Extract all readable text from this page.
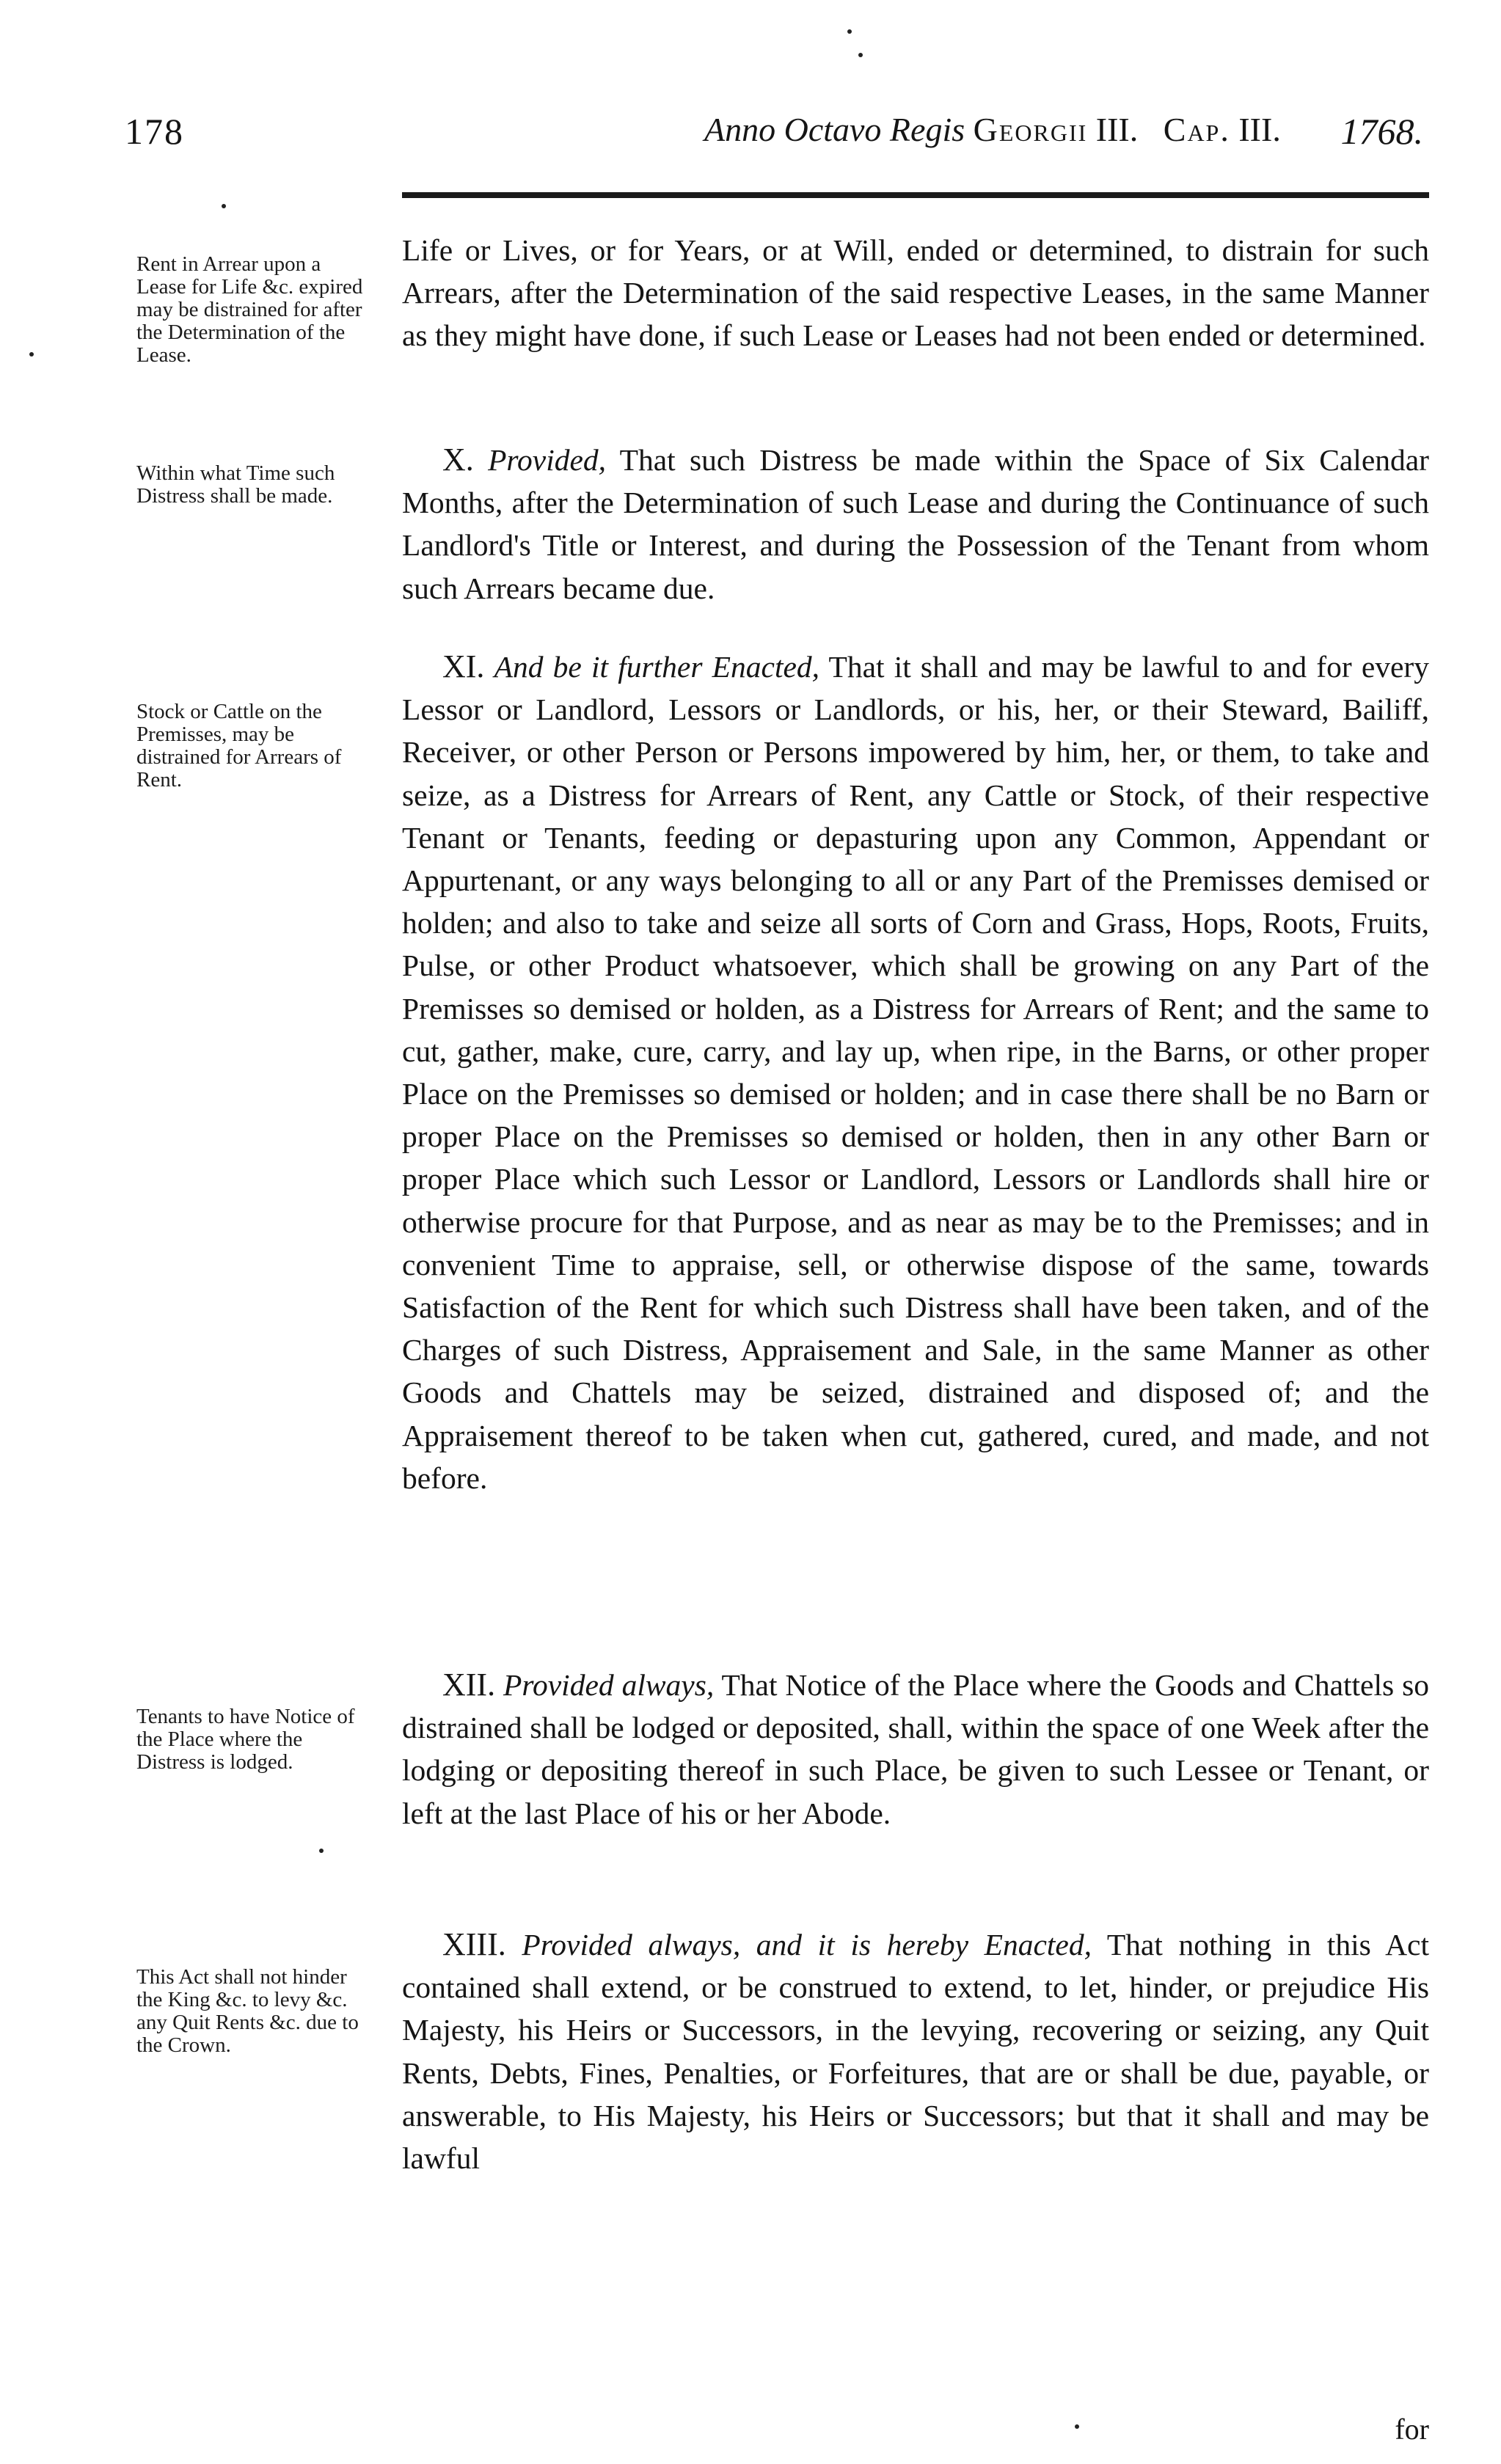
178	Anno Octavo Regis Georgii III. Cap. III. 1768.
Rent in Arrear upon a Lease for Life &c. expired may be distrained for after the Determination of the Lease.
Within what Time such Distress shall be made.
Stock or Cattle on the Premisses, may be distrained for Arrears of Rent.
Tenants to have Notice of the Place where the Distress is lodged.
This Act shall not hinder the King &c. to levy &c. any Quit Rents &c. due to the Crown.
Life or Lives, or for Years, or at Will, ended or determined, to distrain for such Arrears, after the Determination of the said respective Leases, in the same Manner as they might have done, if such Lease or Leases had not been ended or determined.
X. Provided, That such Distress be made within the Space of Six Calendar Months, after the Determination of such Lease and during the Continuance of such Landlord's Title or Interest, and during the Possession of the Tenant from whom such Arrears became due.
XI. And be it further Enacted, That it shall and may be lawful to and for every Lessor or Landlord, Lessors or Landlords, or his, her, or their Steward, Bailiff, Receiver, or other Person or Persons impowered by him, her, or them, to take and seize, as a Distress for Arrears of Rent, any Cattle or Stock, of their respective Tenant or Tenants, feeding or depasturing upon any Common, Appendant or Appurtenant, or any ways belonging to all or any Part of the Premisses demised or holden; and also to take and seize all sorts of Corn and Grass, Hops, Roots, Fruits, Pulse, or other Product whatsoever, which shall be growing on any Part of the Premisses so demised or holden, as a Distress for Arrears of Rent; and the same to cut, gather, make, cure, carry, and lay up, when ripe, in the Barns, or other proper Place on the Premisses so demised or holden; and in case there shall be no Barn or proper Place on the Premisses so demised or holden, then in any other Barn or proper Place which such Lessor or Landlord, Lessors or Landlords shall hire or otherwise procure for that Purpose, and as near as may be to the Premisses; and in convenient Time to appraise, sell, or otherwise dispose of the same, towards Satisfaction of the Rent for which such Distress shall have been taken, and of the Charges of such Distress, Appraisement and Sale, in the same Manner as other Goods and Chattels may be seized, distrained and disposed of; and the Appraisement thereof to be taken when cut, gathered, cured, and made, and not before.
XII. Provided always, That Notice of the Place where the Goods and Chattels so distrained shall be lodged or deposited, shall, within the space of one Week after the lodging or depositing thereof in such Place, be given to such Lessee or Tenant, or left at the last Place of his or her Abode.
XIII. Provided always, and it is hereby Enacted, That nothing in this Act contained shall extend, or be construed to extend, to let, hinder, or prejudice His Majesty, his Heirs or Successors, in the levying, recovering or seizing, any Quit Rents, Debts, Fines, Penalties, or Forfeitures, that are or shall be due, payable, or answerable, to His Majesty, his Heirs or Successors; but that it shall and may be lawful
for
